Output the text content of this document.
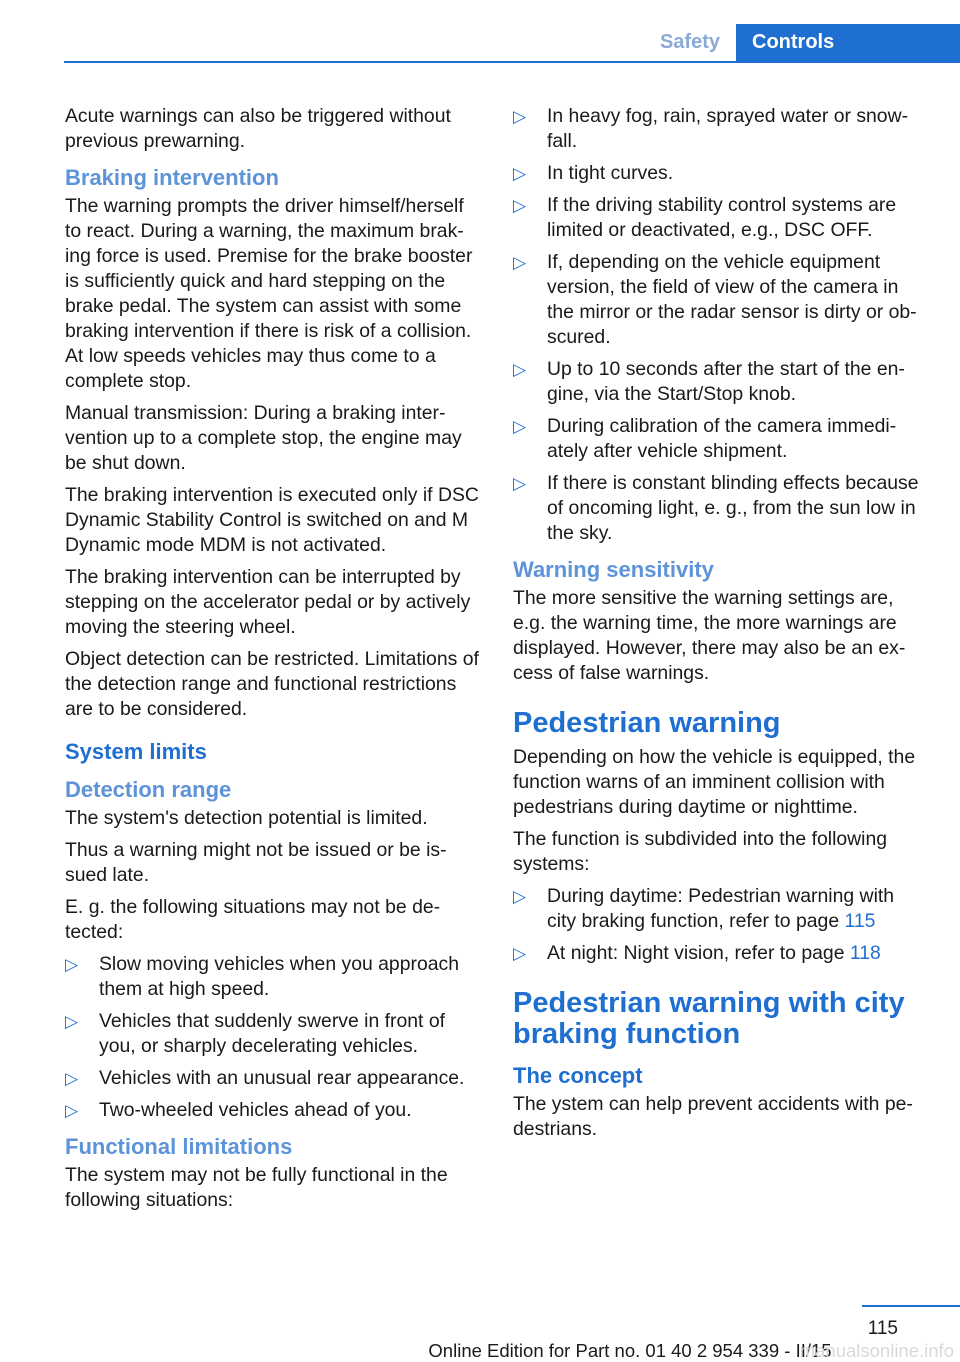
Safety	Controls

Acute warnings can also be triggered without previous prewarning.

Braking intervention

The warning prompts the driver himself/herself to react. During a warning, the maximum braking force is used. Premise for the brake booster is sufficiently quick and hard stepping on the brake pedal. The system can assist with some braking intervention if there is risk of a collision. At low speeds vehicles may thus come to a complete stop.

Manual transmission: During a braking intervention up to a complete stop, the engine may be shut down.

The braking intervention is executed only if DSC Dynamic Stability Control is switched on and M Dynamic mode MDM is not activated.

The braking intervention can be interrupted by stepping on the accelerator pedal or by actively moving the steering wheel.

Object detection can be restricted. Limitations of the detection range and functional restrictions are to be considered.

System limits
Detection range

The system's detection potential is limited.

Thus a warning might not be issued or be issued late.

E. g. the following situations may not be detected:

▷ Slow moving vehicles when you approach them at high speed.
▷ Vehicles that suddenly swerve in front of you, or sharply decelerating vehicles.
▷ Vehicles with an unusual rear appearance.
▷ Two-wheeled vehicles ahead of you.
Functional limitations

The system may not be fully functional in the following situations:

▷ In heavy fog, rain, sprayed water or snowfall.
▷ In tight curves.
▷ If the driving stability control systems are limited or deactivated, e.g., DSC OFF.
▷ If, depending on the vehicle equipment version, the field of view of the camera in the mirror or the radar sensor is dirty or obscured.
▷ Up to 10 seconds after the start of the engine, via the Start/Stop knob.
▷ During calibration of the camera immediately after vehicle shipment.
▷ If there is constant blinding effects because of oncoming light, e. g., from the sun low in the sky.
Warning sensitivity

The more sensitive the warning settings are, e.g. the warning time, the more warnings are displayed. However, there may also be an excess of false warnings.

Pedestrian warning

Depending on how the vehicle is equipped, the function warns of an imminent collision with pedestrians during daytime or nighttime.

The function is subdivided into the following systems:

▷ During daytime: Pedestrian warning with city braking function, refer to page 115
▷ At night: Night vision, refer to page 118
Pedestrian warning with city braking function
The concept

The ystem can help prevent accidents with pedestrians.

115
Online Edition for Part no. 01 40 2 954 339 - II/15
manualsonline.info
